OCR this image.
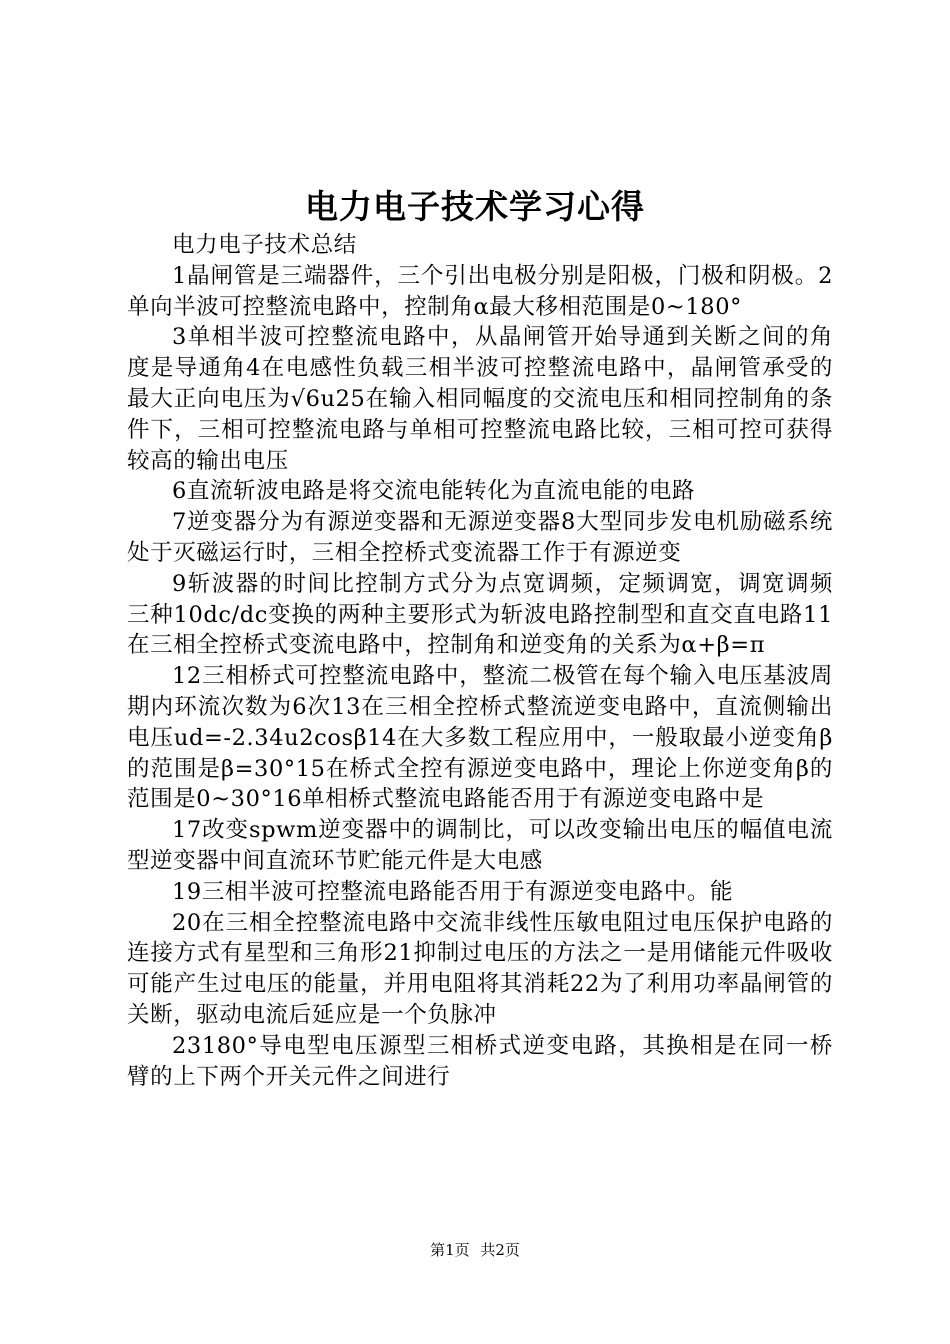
电力电子技术学习心得

电力电子技术总结

1晶闸管是三端器件，三个引出电极分别是阳极，门极和阴极。2单向半波可控整流电路中，控制角α最大移相范围是0~180°

3单相半波可控整流电路中，从晶闸管开始导通到关断之间的角度是导通角4在电感性负载三相半波可控整流电路中，晶闸管承受的最大正向电压为√6u25在输入相同幅度的交流电压和相同控制角的条件下，三相可控整流电路与单相可控整流电路比较，三相可控可获得较高的输出电压

6直流斩波电路是将交流电能转化为直流电能的电路

7逆变器分为有源逆变器和无源逆变器8大型同步发电机励磁系统处于灭磁运行时，三相全控桥式变流器工作于有源逆变

9斩波器的时间比控制方式分为点宽调频，定频调宽，调宽调频三种10dc/dc变换的两种主要形式为斩波电路控制型和直交直电路11在三相全控桥式变流电路中，控制角和逆变角的关系为α+β=π

12三相桥式可控整流电路中，整流二极管在每个输入电压基波周期内环流次数为6次13在三相全控桥式整流逆变电路中，直流侧输出电压ud=-2.34u2cosβ14在大多数工程应用中，一般取最小逆变角β的范围是β=30°15在桥式全控有源逆变电路中，理论上你逆变角β的范围是0~30°16单相桥式整流电路能否用于有源逆变电路中是

17改变spwm逆变器中的调制比，可以改变输出电压的幅值电流型逆变器中间直流环节贮能元件是大电感

19三相半波可控整流电路能否用于有源逆变电路中。能

20在三相全控整流电路中交流非线性压敏电阻过电压保护电路的连接方式有星型和三角形21抑制过电压的方法之一是用储能元件吸收可能产生过电压的能量，并用电阻将其消耗22为了利用功率晶闸管的关断，驱动电流后延应是一个负脉冲

23180°导电型电压源型三相桥式逆变电路，其换相是在同一桥臂的上下两个开关元件之间进行

第1页 共2页
